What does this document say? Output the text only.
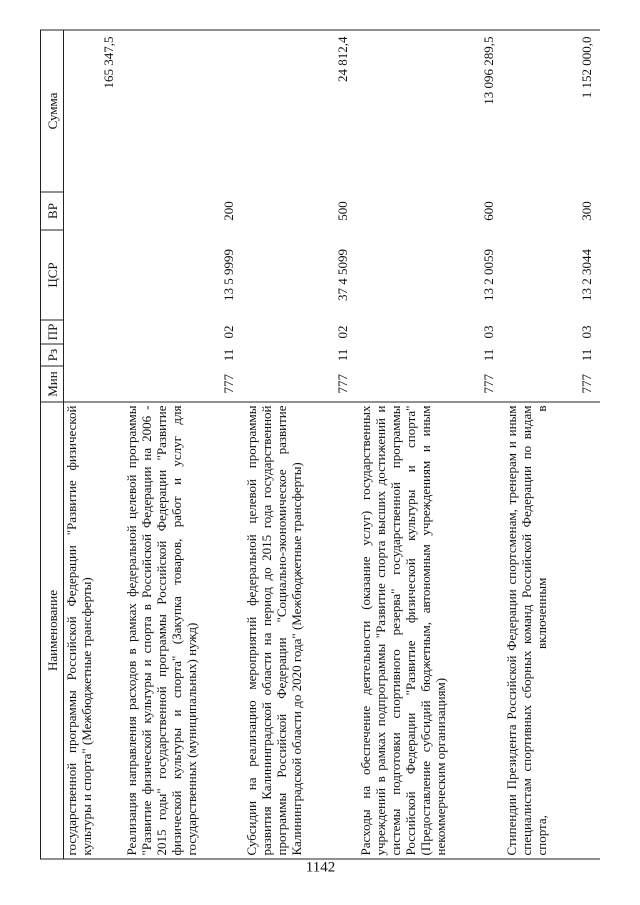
1142
Наименование	Мин	Рз	ПР	ЦСР	ВР	Сумма
государственной программы Российской Федерации "Развитие физической культуры и спорта" (Межбюджетные трансферты)						165 347,5
Реализация направления расходов в рамках федеральной целевой программы "Развитие физической культуры и спорта в Российской Федерации на 2006 - 2015 годы" государственной программы Российской Федерации "Развитие физической культуры и спорта" (Закупка товаров, работ и услуг для государственных (муниципальных) нужд)	777	11	02	13 5 9999	200	
Субсидии на реализацию мероприятий федеральной целевой программы развития Калининградской области на период до 2015 года государственной программы Российской Федерации "Социально-экономическое развитие Калининградской области до 2020 года" (Межбюджетные трансферты)	777	11	02	37 4 5099	500	24 812,4
Расходы на обеспечение деятельности (оказание услуг) государственных учреждений в рамках подпрограммы "Развитие спорта высших достижений и системы подготовки спортивного резерва" государственной программы Российской Федерации "Развитие физической культуры и спорта" (Предоставление субсидий бюджетным, автономным учреждениям и иным некоммерческим организациям)	777	11	03	13 2 0059	600	13 096 289,5
Стипендии Президента Российской Федерации спортсменам, тренерам и иным специалистам спортивных сборных команд Российской Федерации по видам спорта, включенным в	777	11	03	13 2 3044	300	1 152 000,0
